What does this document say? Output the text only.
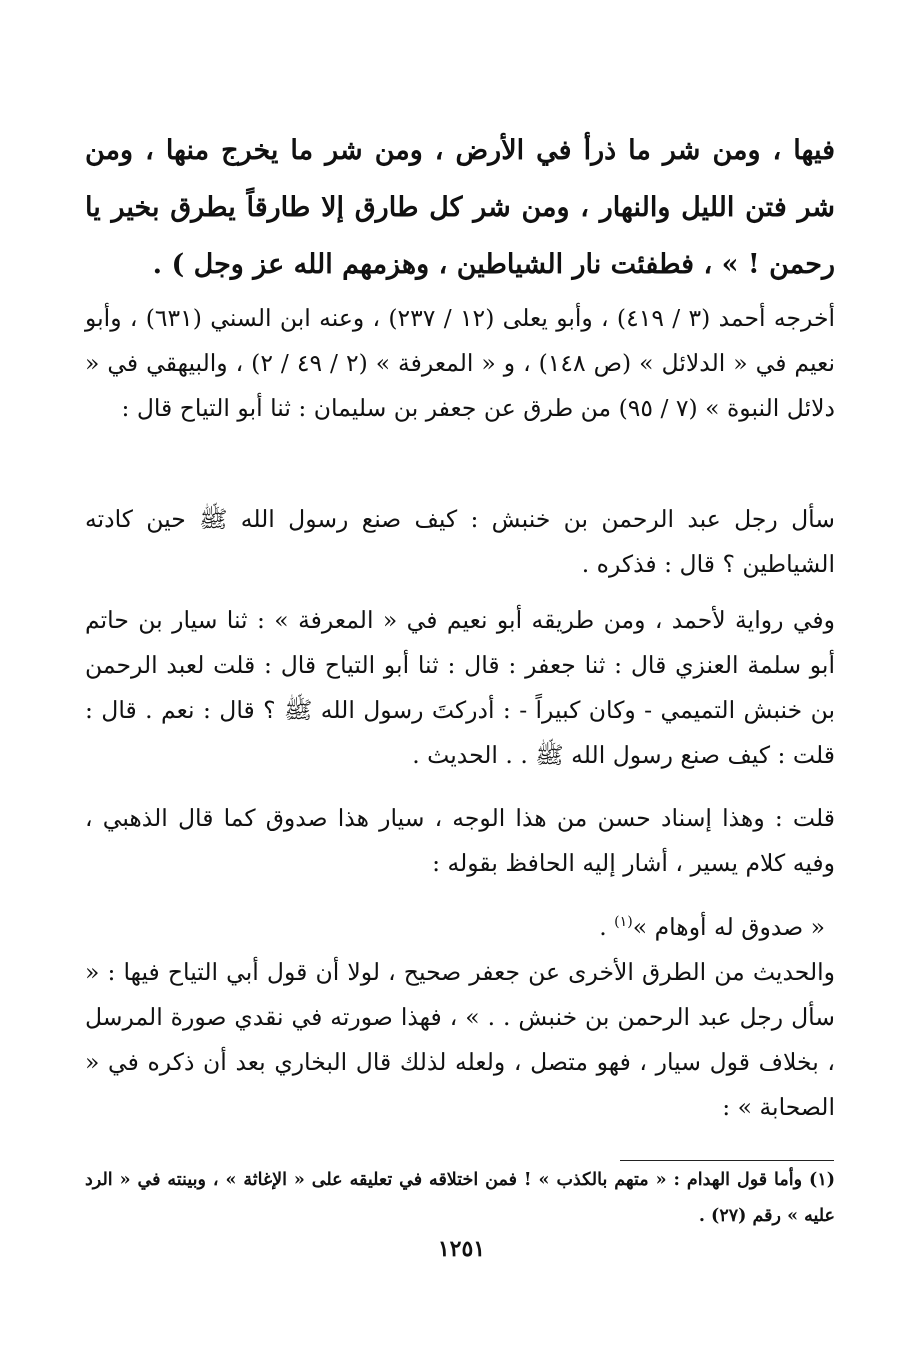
فيها ، ومن شر ما ذرأ في الأرض ، ومن شر ما يخرج منها ، ومن شر فتن الليل والنهار ، ومن شر كل طارق إلا طارقاً يطرق بخير يا رحمن ! » ، فطفئت نار الشياطين ، وهزمهم الله عز وجل ) .

أخرجه أحمد (٣ / ٤١٩) ، وأبو يعلى (١٢ / ٢٣٧) ، وعنه ابن السني (٦٣١) ، وأبو نعيم في « الدلائل » (ص ١٤٨) ، و « المعرفة » (٢ / ٤٩ / ٢) ، والبيهقي في « دلائل النبوة » (٧ / ٩٥) من طرق عن جعفر بن سليمان : ثنا أبو التياح قال :

سأل رجل عبد الرحمن بن خنبش : كيف صنع رسول الله ﷺ حين كادته الشياطين ؟ قال : فذكره .

وفي رواية لأحمد ، ومن طريقه أبو نعيم في « المعرفة » : ثنا سيار بن حاتم أبو سلمة العنزي قال : ثنا جعفر : قال : ثنا أبو التياح قال : قلت لعبد الرحمن بن خنبش التميمي - وكان كبيراً - : أدركتَ رسول الله ﷺ ؟ قال : نعم . قال : قلت : كيف صنع رسول الله ﷺ . . الحديث .

قلت : وهذا إسناد حسن من هذا الوجه ، سيار هذا صدوق كما قال الذهبي ، وفيه كلام يسير ، أشار إليه الحافظ بقوله :

« صدوق له أوهام »$^{(١)}$ .

والحديث من الطرق الأخرى عن جعفر صحيح ، لولا أن قول أبي التياح فيها : « سأل رجل عبد الرحمن بن خنبش . . » ، فهذا صورته في نقدي صورة المرسل ، بخلاف قول سيار ، فهو متصل ، ولعله لذلك قال البخاري بعد أن ذكره في « الصحابة » :

(١) وأما قول الهدام : « متهم بالكذب » ! فمن اختلاقه في تعليقه على « الإغاثة » ، وبينته في « الرد عليه » رقم (٢٧) .

١٢٥١
